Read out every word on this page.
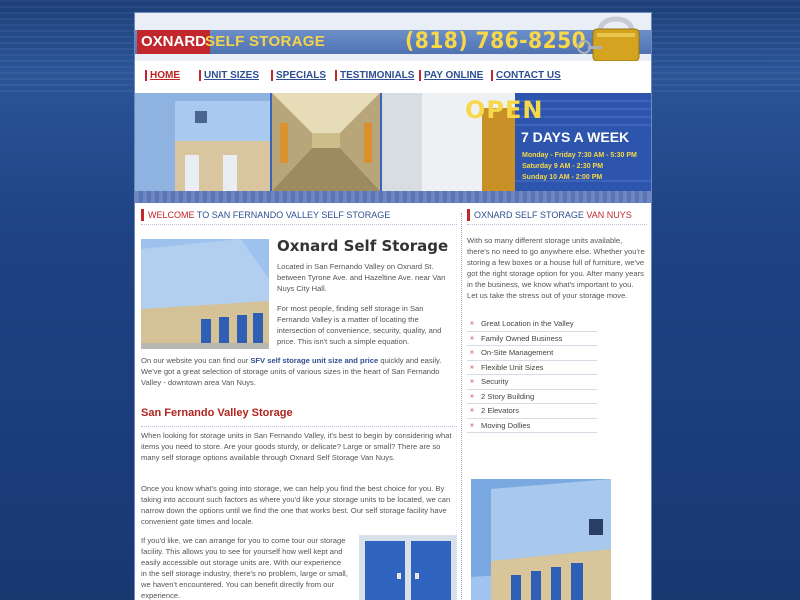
OXNARD
SELF STORAGE	(818) 786-8250
HOME	UNIT SIZES	SPECIALS	TESTIMONIALS PAY ONLINE	CONTACT US
OPEN
7 DAYS A WEEK
Monday - Friday 7:30 AM - 5:30 PM
Saturday 9 AM - 2:30 PM
Sunday 10 AM - 2:00 PM
WELCOME TO SAN FERNANDO VALLEY SELF STORAGE
Oxnard Self Storage
Located in San Fernando Valley on Oxnard St. between Tyrone Ave. and Hazeltine Ave. near Van Nuys City Hall.
For most people, finding self storage in San Fernando Valley is a matter of locating the intersection of convenience, security, quality, and price. This isn't such a simple equation.
On our website you can find our SFV self storage unit size and price quickly and easily. We've got a great selection of storage units of various sizes in the heart of San Fernando Valley - downtown area Van Nuys.
San Fernando Valley Storage
When looking for storage units in San Fernando Valley, it's best to begin by considering what items you need to store. Are your goods sturdy, or delicate? Large or small? There are so many self storage options available through Oxnard Self Storage Van Nuys.
Once you know what's going into storage, we can help you find the best choice for you. By taking into account such factors as where you'd like your storage units to be located, we can narrow down the options until we find the one that works best. Our self storage facility have convenient gate times and locale.
If you'd like, we can arrange for you to come tour our storage facility. This allows you to see for yourself how well kept and easily accessible out storage units are. With our experience in the self storage industry, there's no problem, large or small, we haven't encountered. You can benefit directly from our experience.
OXNARD SELF STORAGE VAN NUYS
With so many different storage units available, there's no need to go anywhere else. Whether you're storing a few boxes or a house full of furniture, we've got the right storage option for you. After many years in the business, we know what's important to you. Let us take the stress out of your storage move.
» Great Location in the Valley
» Family Owned Business
» On-Site Management
» Flexible Unit Sizes
» Security
» 2 Story Building
» 2 Elevators
» Moving Dollies
